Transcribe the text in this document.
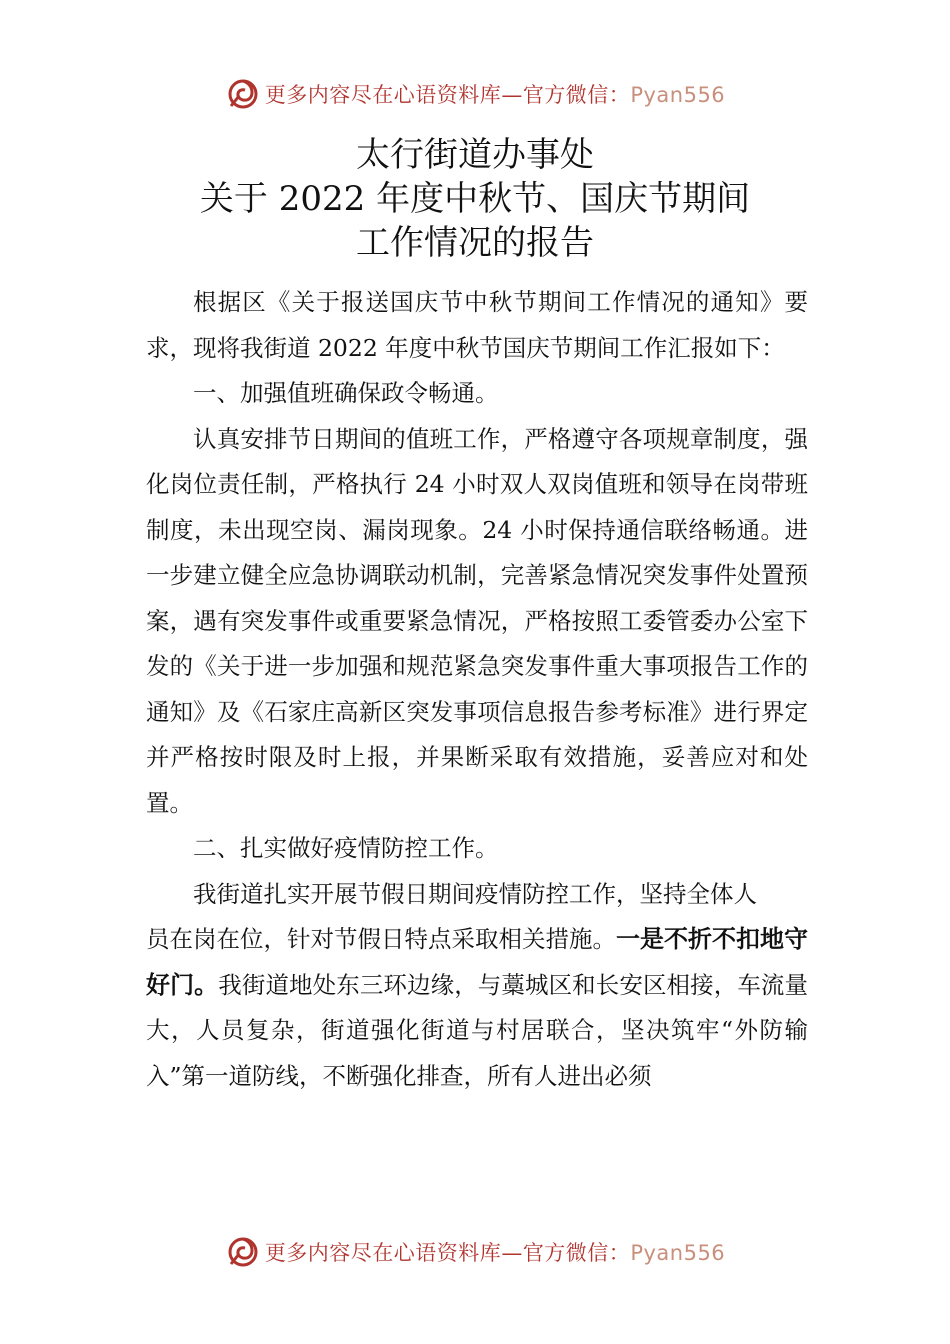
更多内容尽在心语资料库—官方微信：Pyan556
太行街道办事处
关于 2022 年度中秋节、国庆节期间
工作情况的报告

根据区《关于报送国庆节中秋节期间工作情况的通知》要求，现将我街道 2022 年度中秋节国庆节期间工作汇报如下：

一、加强值班确保政令畅通。

认真安排节日期间的值班工作，严格遵守各项规章制度，强化岗位责任制，严格执行 24 小时双人双岗值班和领导在岗带班制度，未出现空岗、漏岗现象。24 小时保持通信联络畅通。进一步建立健全应急协调联动机制，完善紧急情况突发事件处置预案，遇有突发事件或重要紧急情况，严格按照工委管委办公室下发的《关于进一步加强和规范紧急突发事件重大事项报告工作的通知》及《石家庄高新区突发事项信息报告参考标准》进行界定并严格按时限及时上报，并果断采取有效措施，妥善应对和处置。

二、扎实做好疫情防控工作。

我街道扎实开展节假日期间疫情防控工作，坚持全体人

员在岗在位，针对节假日特点采取相关措施。一是不折不扣地守好门。我街道地处东三环边缘，与藁城区和长安区相接，车流量大，人员复杂，街道强化街道与村居联合，坚决筑牢“外防输入”第一道防线，不断强化排查，所有人进出必须

更多内容尽在心语资料库—官方微信：Pyan556
